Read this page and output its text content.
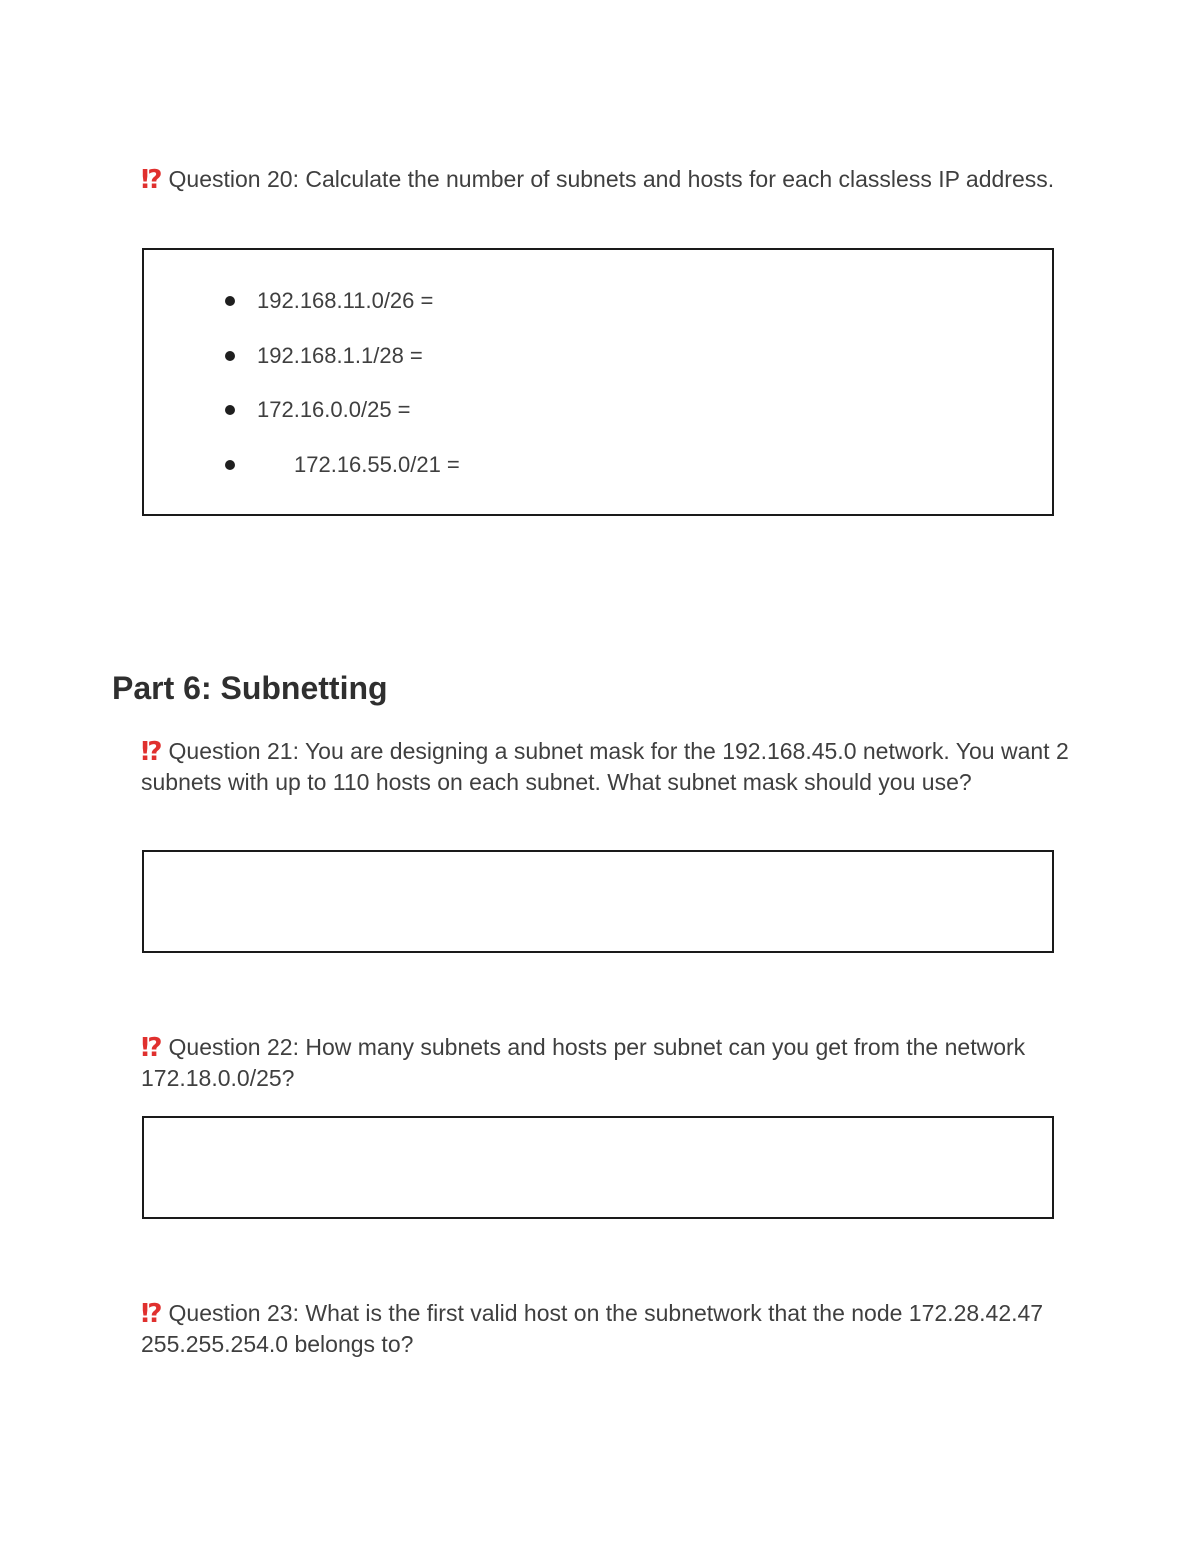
⁉ Question 20: Calculate the number of subnets and hosts for each classless IP address.
192.168.11.0/26 =
192.168.1.1/28 =
172.16.0.0/25 =
172.16.55.0/21 =
Part 6: Subnetting
⁉ Question 21: You are designing a subnet mask for the 192.168.45.0 network. You want 2 subnets with up to 110 hosts on each subnet. What subnet mask should you use?
⁉ Question 22: How many subnets and hosts per subnet can you get from the network 172.18.0.0/25?
⁉ Question 23: What is the first valid host on the subnetwork that the node 172.28.42.47 255.255.254.0 belongs to?
